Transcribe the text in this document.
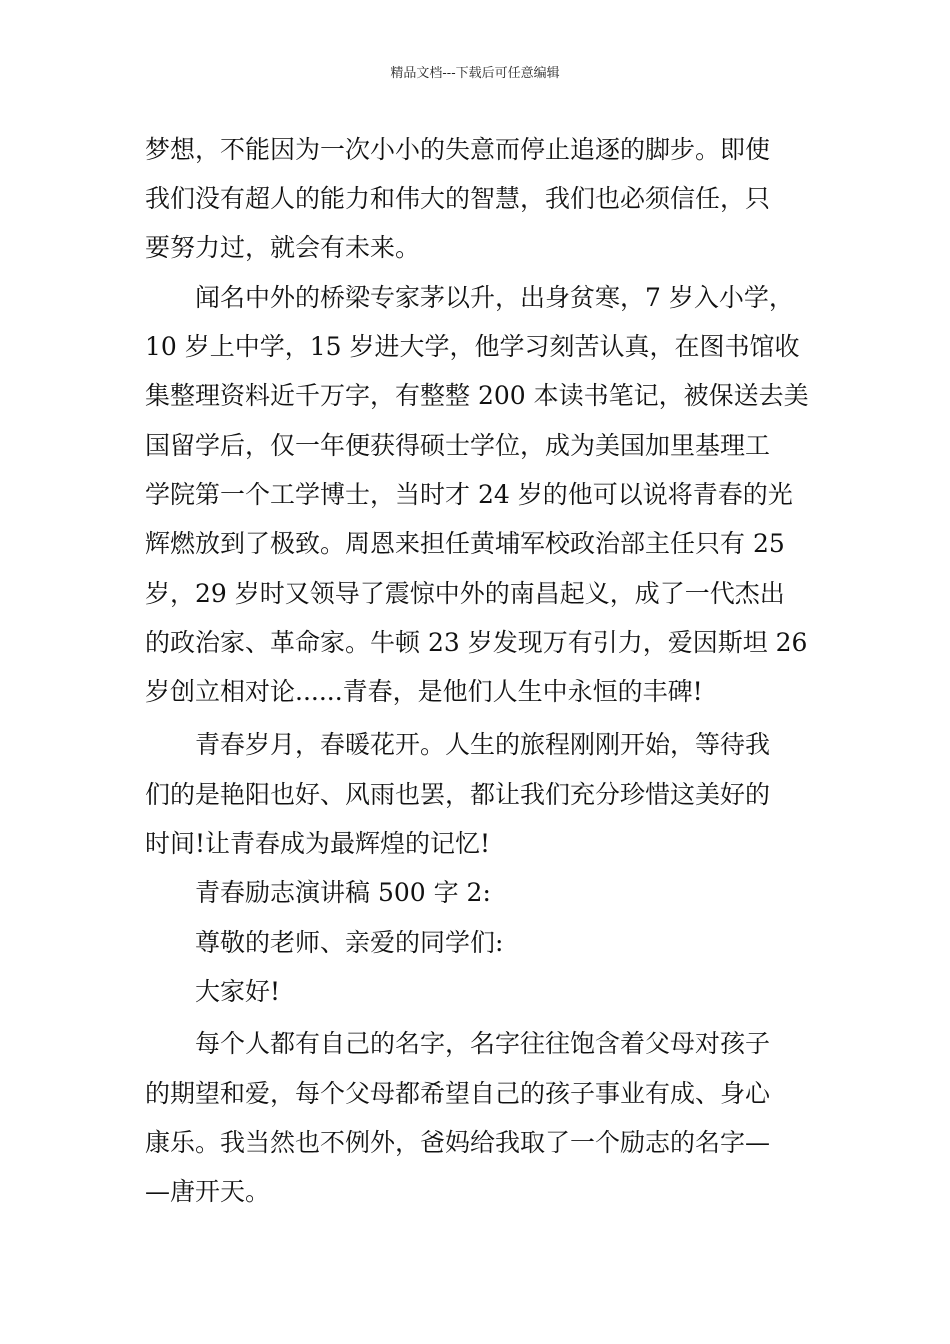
精品文档---下载后可任意编辑
梦想，不能因为一次小小的失意而停止追逐的脚步。即使
我们没有超人的能力和伟大的智慧，我们也必须信任，只
要努力过，就会有未来。
　　闻名中外的桥梁专家茅以升，出身贫寒，7 岁入小学，
10 岁上中学，15 岁进大学，他学习刻苦认真，在图书馆收
集整理资料近千万字，有整整 200 本读书笔记，被保送去美
国留学后，仅一年便获得硕士学位，成为美国加里基理工
学院第一个工学博士，当时才 24 岁的他可以说将青春的光
辉燃放到了极致。周恩来担任黄埔军校政治部主任只有 25
岁，29 岁时又领导了震惊中外的南昌起义，成了一代杰出
的政治家、革命家。牛顿 23 岁发现万有引力，爱因斯坦 26
岁创立相对论......青春，是他们人生中永恒的丰碑!
　　青春岁月，春暖花开。人生的旅程刚刚开始，等待我
们的是艳阳也好、风雨也罢，都让我们充分珍惜这美好的
时间!让青春成为最辉煌的记忆!
　　青春励志演讲稿 500 字 2:
　　尊敬的老师、亲爱的同学们:
　　大家好!
　　每个人都有自己的名字，名字往往饱含着父母对孩子
的期望和爱，每个父母都希望自己的孩子事业有成、身心
康乐。我当然也不例外，爸妈给我取了一个励志的名字—
—唐开天。
